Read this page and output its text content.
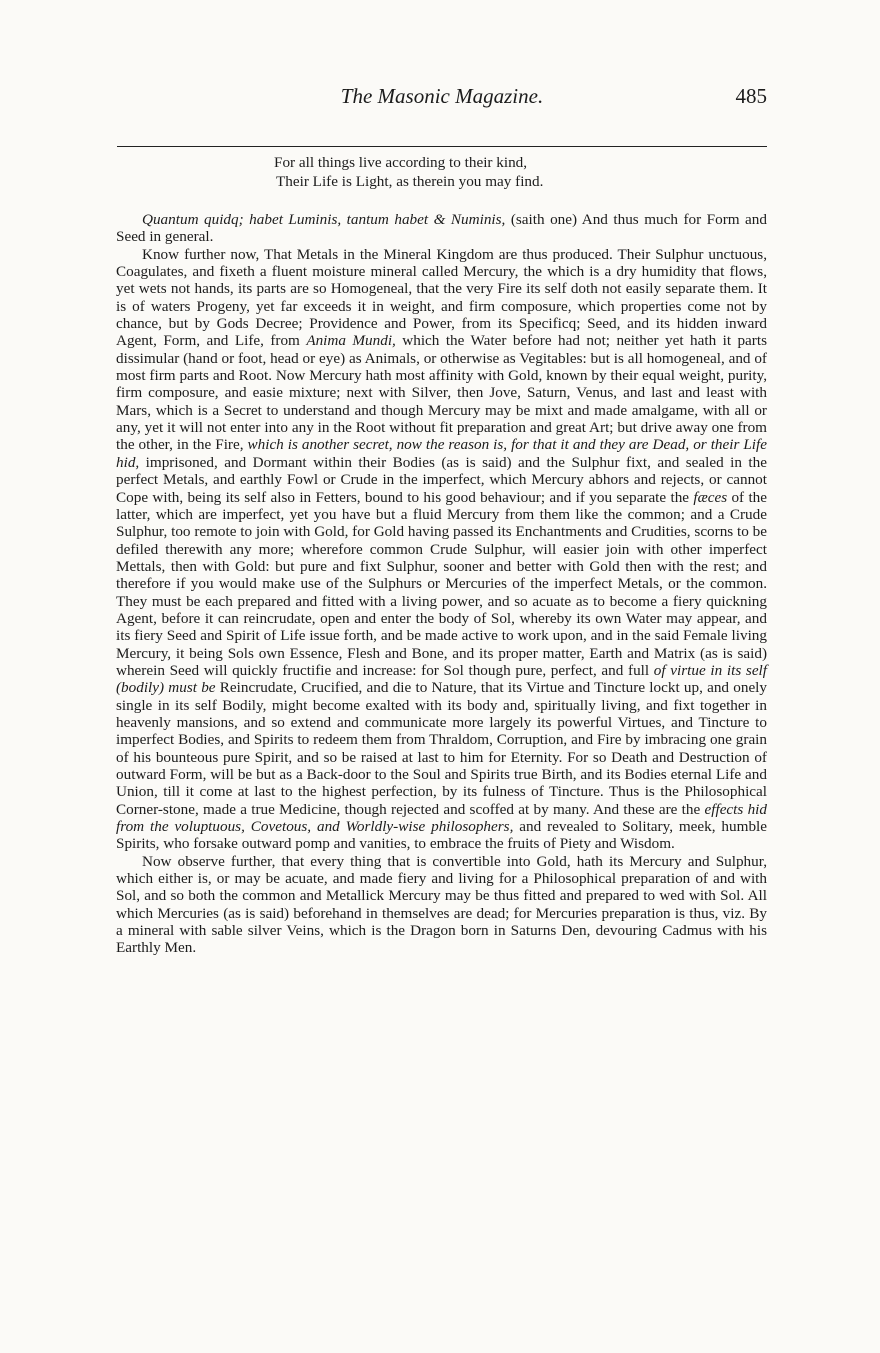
The Masonic Magazine.	485
For all things live according to their kind,
Their Life is Light, as therein you may find.

Quantum quidq; habet Luminis, tantum habet & Numinis, (saith one) And thus much for Form and Seed in general.

Know further now, That Metals in the Mineral Kingdom are thus produced. Their Sulphur unctuous, Coagulates, and fixeth a fluent moisture mineral called Mercury, the which is a dry humidity that flows, yet wets not hands, its parts are so Homogeneal, that the very Fire its self doth not easily separate them. It is of waters Progeny, yet far exceeds it in weight, and firm composure, which properties come not by chance, but by Gods Decree; Providence and Power, from its Specificq; Seed, and its hidden inward Agent, Form, and Life, from Anima Mundi, which the Water before had not; neither yet hath it parts dissimular (hand or foot, head or eye) as Animals, or otherwise as Vegitables: but is all homogeneal, and of most firm parts and Root. Now Mercury hath most affinity with Gold, known by their equal weight, purity, firm composure, and easie mixture; next with Silver, then Jove, Saturn, Venus, and last and least with Mars, which is a Secret to understand and though Mercury may be mixt and made amalgame, with all or any, yet it will not enter into any in the Root without fit preparation and great Art; but drive away one from the other, in the Fire, which is another secret, now the reason is, for that it and they are Dead, or their Life hid, imprisoned, and Dormant within their Bodies (as is said) and the Sulphur fixt, and sealed in the perfect Metals, and earthly Fowl or Crude in the imperfect, which Mercury abhors and rejects, or cannot Cope with, being its self also in Fetters, bound to his good behaviour; and if you separate the fæces of the latter, which are imperfect, yet you have but a fluid Mercury from them like the common; and a Crude Sulphur, too remote to join with Gold, for Gold having passed its Enchantments and Crudities, scorns to be defiled therewith any more; wherefore common Crude Sulphur, will easier join with other imperfect Mettals, then with Gold: but pure and fixt Sulphur, sooner and better with Gold then with the rest; and therefore if you would make use of the Sulphurs or Mercuries of the imperfect Metals, or the common. They must be each prepared and fitted with a living power, and so acuate as to become a fiery quickning Agent, before it can reincrudate, open and enter the body of Sol, whereby its own Water may appear, and its fiery Seed and Spirit of Life issue forth, and be made active to work upon, and in the said Female living Mercury, it being Sols own Essence, Flesh and Bone, and its proper matter, Earth and Matrix (as is said) wherein Seed will quickly fructifie and increase: for Sol though pure, perfect, and full of virtue in its self (bodily) must be Reincrudate, Crucified, and die to Nature, that its Virtue and Tincture lockt up, and onely single in its self Bodily, might become exalted with its body and, spiritually living, and fixt together in heavenly mansions, and so extend and communicate more largely its powerful Virtues, and Tincture to imperfect Bodies, and Spirits to redeem them from Thraldom, Corruption, and Fire by imbracing one grain of his bounteous pure Spirit, and so be raised at last to him for Eternity. For so Death and Destruction of outward Form, will be but as a Back-door to the Soul and Spirits true Birth, and its Bodies eternal Life and Union, till it come at last to the highest perfection, by its fulness of Tincture. Thus is the Philosophical Corner-stone, made a true Medicine, though rejected and scoffed at by many. And these are the effects hid from the voluptuous, Covetous, and Worldly-wise philosophers, and revealed to Solitary, meek, humble Spirits, who forsake outward pomp and vanities, to embrace the fruits of Piety and Wisdom.

Now observe further, that every thing that is convertible into Gold, hath its Mercury and Sulphur, which either is, or may be acuate, and made fiery and living for a Philosophical preparation of and with Sol, and so both the common and Metallick Mercury may be thus fitted and prepared to wed with Sol. All which Mercuries (as is said) beforehand in themselves are dead; for Mercuries preparation is thus, viz. By a mineral with sable silver Veins, which is the Dragon born in Saturns Den, devouring Cadmus with his Earthly Men.
